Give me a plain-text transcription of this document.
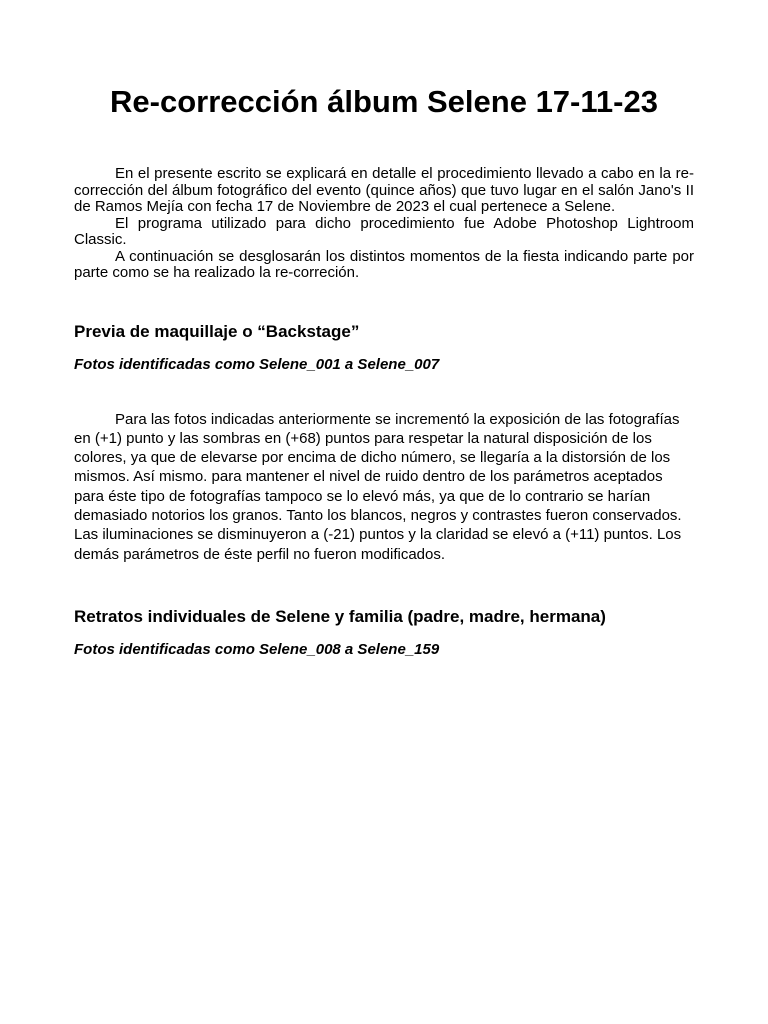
Re-corrección álbum Selene 17-11-23

En el presente escrito se explicará en detalle el procedimiento llevado a cabo en la re-corrección del álbum fotográfico del evento (quince años) que tuvo lugar en el salón Jano's II de Ramos Mejía con fecha 17 de Noviembre de 2023 el cual pertenece a Selene.

El programa utilizado para dicho procedimiento fue Adobe Photoshop Lightroom Classic.

A continuación se desglosarán los distintos momentos de la fiesta indicando parte por parte como se ha realizado la re-correción.

Previa de maquillaje o “Backstage”

Fotos identificadas como Selene_001 a Selene_007

Para las fotos indicadas anteriormente se incrementó la exposición de las fotografías en (+1) punto y las sombras en (+68) puntos para respetar la natural disposición de los colores, ya que de elevarse por encima de dicho número, se llegaría a la distorsión de los mismos. Así mismo. para mantener el nivel de ruido dentro de los parámetros aceptados para éste tipo de fotografías tampoco se lo elevó más, ya que de lo contrario se harían demasiado notorios los granos. Tanto los blancos, negros y contrastes fueron conservados. Las iluminaciones se disminuyeron a (-21) puntos y la claridad se elevó a (+11) puntos. Los demás parámetros de éste perfil no fueron modificados.

Retratos individuales de Selene y familia (padre, madre, hermana)

Fotos identificadas como Selene_008 a Selene_159
